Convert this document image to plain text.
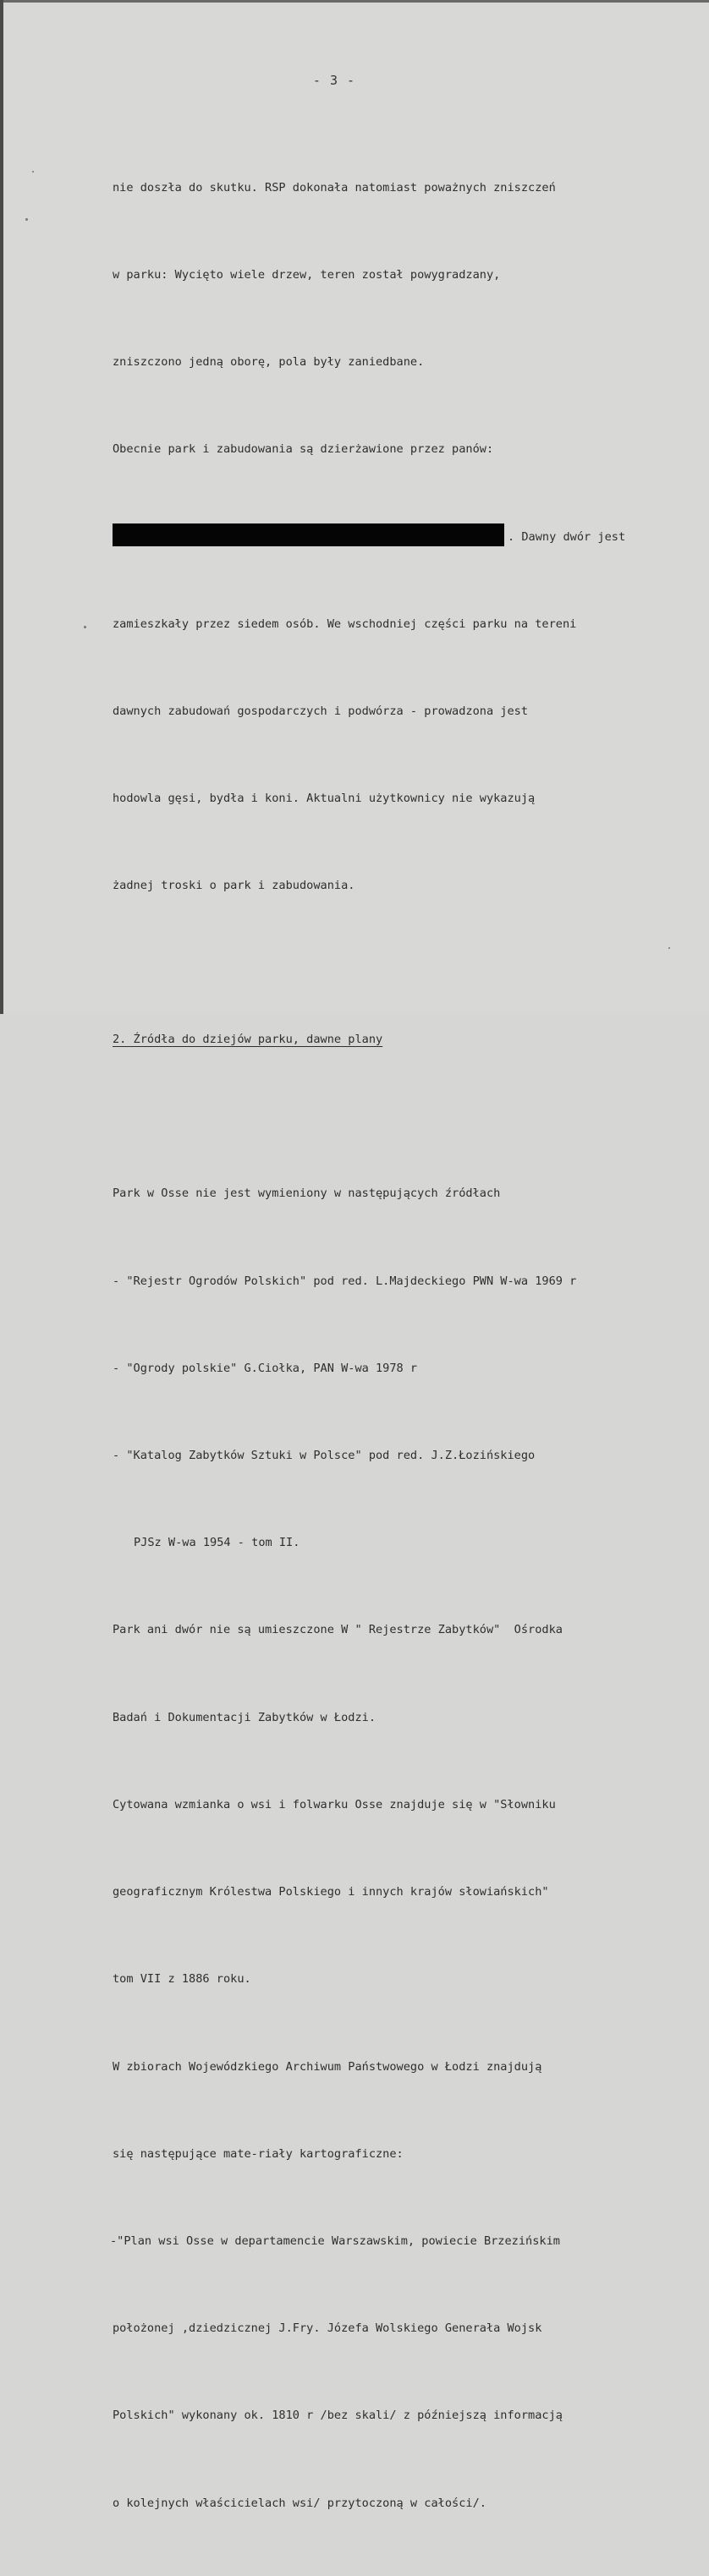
- 3 -

nie doszła do skutku. RSP dokonała natomiast poważnych zniszczeń

w parku: Wycięto wiele drzew, teren został powygradzany,

zniszczono jedną oborę, pola były zaniedbane.

Obecnie park i zabudowania są dzierżawione przez panów:

. Dawny dwór jest

zamieszkały przez siedem osób. We wschodniej części parku na tereni

dawnych zabudowań gospodarczych i podwórza - prowadzona jest

hodowla gęsi, bydła i koni. Aktualni użytkownicy nie wykazują

żadnej troski o park i zabudowania.

2. Źródła do dziejów parku, dawne plany

Park w Osse nie jest wymieniony w następujących źródłach

- "Rejestr Ogrodów Polskich" pod red. L.Majdeckiego PWN W-wa 1969 r

- "Ogrody polskie" G.Ciołka, PAN W-wa 1978 r

- "Katalog Zabytków Sztuki w Polsce" pod red. J.Z.Łozińskiego

PJSz W-wa 1954 - tom II.

Park ani dwór nie są umieszczone W " Rejestrze Zabytków"  Ośrodka

Badań i Dokumentacji Zabytków w Łodzi.

Cytowana wzmianka o wsi i folwarku Osse znajduje się w "Słowniku

geograficznym Królestwa Polskiego i innych krajów słowiańskich"

tom VII z 1886 roku.

W zbiorach Wojewódzkiego Archiwum Państwowego w Łodzi znajdują

się następujące mate-riały kartograficzne:

-"Plan wsi Osse w departamencie Warszawskim, powiecie Brzezińskim

położonej ,dziedzicznej J.Fry. Józefa Wolskiego Generała Wojsk

Polskich" wykonany ok. 1810 r /bez skali/ z późniejszą informacją

o kolejnych właścicielach wsi/ przytoczoną w całości/.
